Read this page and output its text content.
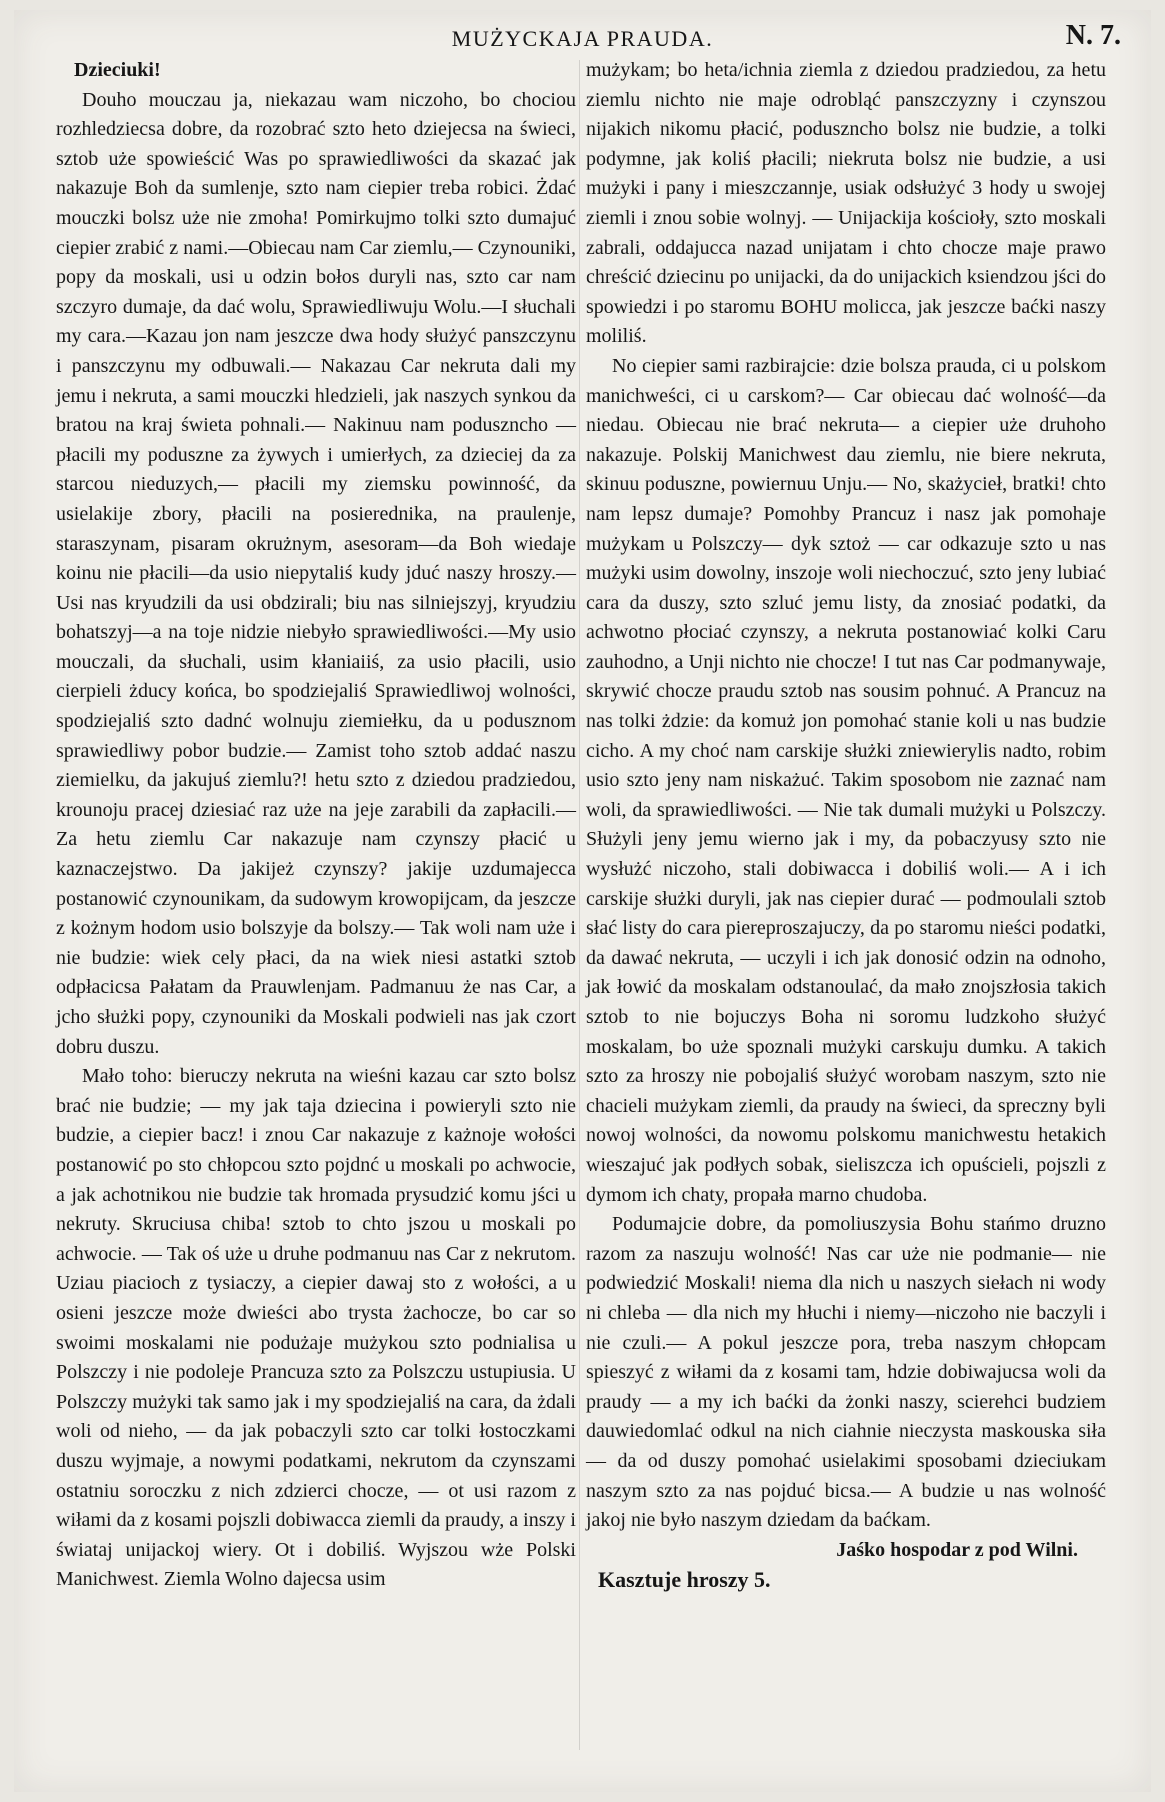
MUŻYCKAJA PRAUDA.	N. 7.

Dzieciuki!

Douho mouczau ja, niekazau wam niczoho, bo chociou rozhledziecsa dobre, da rozobrać szto heto dziejecsa na świeci, sztob uże spowieścić Was po sprawiedliwości da skazać jak nakazuje Boh da sumlenje, szto nam ciepier treba robici. Żdać mouczki bolsz uże nie zmoha! Pomirkujmo tolki szto dumajuć ciepier zrabić z nami.—Obiecau nam Car ziemlu,— Czynouniki, popy da moskali, usi u odzin bołos duryli nas, szto car nam szczyro dumaje, da dać wolu, Sprawiedliwuju Wolu.—I słuchali my cara.—Kazau jon nam jeszcze dwa hody służyć panszczynu i panszczynu my odbuwali.— Nakazau Car nekruta dali my jemu i nekruta, a sami mouczki hledzieli, jak naszych synkou da bratou na kraj świeta pohnali.— Nakinuu nam poduszncho — płacili my poduszne za żywych i umierłych, za dzieciej da za starcou nieduzych,— płacili my ziemsku powinność, da usielakije zbory, płacili na posierednika, na praulenje, staraszynam, pisaram okrużnym, asesoram—da Boh wiedaje koinu nie płacili—da usio niepytaliś kudy jduć naszy hroszy.— Usi nas kryudzili da usi obdzirali; biu nas silniejszyj, kryudziu bohatszyj—a na toje nidzie niebyło sprawiedliwości.—My usio mouczali, da słuchali, usim kłaniaiiś, za usio płacili, usio cierpieli żducy końca, bo spodziejaliś Sprawiedliwoj wolności, spodziejaliś szto dadnć wolnuju ziemiełku, da u podusznom sprawiedliwy pobor budzie.— Zamist toho sztob addać naszu ziemielku, da jakujuś ziemlu?! hetu szto z dziedou pradziedou, krounoju pracej dziesiać raz uże na jeje zarabili da zapłacili.— Za hetu ziemlu Car nakazuje nam czynszy płacić u kaznaczejstwo. Da jakijeż czynszy? jakije uzdumajecca postanowić czynounikam, da sudowym krowopijcam, da jeszcze z kożnym hodom usio bolszyje da bolszy.— Tak woli nam uże i nie budzie: wiek cely płaci, da na wiek niesi astatki sztob odpłacicsa Pałatam da Prauwlenjam. Padmanuu że nas Car, a jcho służki popy, czynouniki da Moskali podwieli nas jak czort dobru duszu.

Mało toho: bieruczy nekruta na wieśni kazau car szto bolsz brać nie budzie; — my jak taja dziecina i powieryli szto nie budzie, a ciepier bacz! i znou Car nakazuje z każnoje wołości postanowić po sto chłopcou szto pojdnć u moskali po achwocie, a jak achotnikou nie budzie tak hromada prysudzić komu jści u nekruty. Skruciusa chiba! sztob to chto jszou u moskali po achwocie. — Tak oś uże u druhe podmanuu nas Car z nekrutom. Uziau piacioch z tysiaczy, a ciepier dawaj sto z wołości, a u osieni jeszcze może dwieści abo trysta żachocze, bo car so swoimi moskalami nie podużaje mużykou szto podnialisa u Polszczy i nie podoleje Pranсuza szto za Polszczu ustupiusia. U Polszczy mużyki tak samo jak i my spodziejaliś na cara, da żdali woli od nieho, — da jak pobaczyli szto car tolki łostoczkami duszu wyjmaje, a nowymi podatkami, nekrutom da czynszami ostatniu soroczku z nich zdzierci chocze, — ot usi razom z wiłami da z kosami pojszli dobiwacca ziemli da praudy, a inszy i świataj unijackoj wiery. Ot i dobiliś. Wyjszou wże Polski Manichwest. Ziemla Wolno dajecsa usim

mużykam; bo heta/ichnia ziemla z dziedou pradziedou, za hetu ziemlu nichto nie maje odrobląć panszczyzny i czynszou nijakich nikomu płacić, poduszncho bolsz nie budzie, a tolki podymne, jak koliś płacili; niekruta bolsz nie budzie, a usi mużyki i pany i mieszczannje, usiak odsłużyć 3 hody u swojej ziemli i znou sobie wolnyj. — Unijackija kościoły, szto moskali zabrali, oddajucca nazad unijatam i chto chocze maje prawo chreścić dziecinu po unijacki, da do unijackich ksiendzou jści do spowiedzi i po staromu BOHU molicca, jak jeszcze baćki naszy moliliś.

No ciepier sami razbirajcie: dzie bolsza prauda, ci u polskom manichweści, ci u carskom?— Car obiecau dać wolność—da niedau. Obiecau nie brać nekruta— a ciepier uże druhoho nakazuje. Polskij Manichwest dau ziemlu, nie biere nekruta, skinuu poduszne, powiernuu Unju.— No, skażycieł, bratki! chto nam lepsz dumaje? Pomohby Pranсuz i nasz jak pomohaje mużykam u Polszczy— dyk sztoż — car odkazuje szto u nas mużyki usim dowolny, inszoje woli niechoczuć, szto jeny lubiać cara da duszy, szto szluć jemu listy, da znosiać podatki, da achwotno płociać czynszy, a nekruta postanowiać kolki Caru zauhodno, a Unji nichto nie chocze! I tut nas Car podmanywaje, skrywić chocze praudu sztob nas sousim pohnuć. A Pranсuz na nas tolki żdzie: da komuż jon pomohać stanie koli u nas budzie cicho. A my choć nam carskije służki zniewierylis nadto, robim usio szto jeny nam niskażuć. Takim sposobom nie zaznać nam woli, da sprawiedliwości. — Nie tak dumali mużyki u Polszczy. Służyli jeny jemu wierno jak i my, da pobaczyusy szto nie wysłużć niczoho, stali dobiwacca i dobiliś woli.— A i ich carskije służki duryli, jak nas ciepier durać — podmoulali sztob słać listy do cara piereproszajuczy, da po staromu nieści podatki, da dawać nekruta, — uczyli i ich jak donosić odzin na odnoho, jak łowić da moskalam odstanoulać, da mało znojszłosia takich sztob to nie bojuczys Boha ni soromu ludzkoho służyć moskalam, bo uże spoznali mużyki carskuju dumku. A takich szto za hroszy nie pobojaliś służyć worobam naszym, szto nie chacieli mużykam ziemli, da praudy na świeci, da spreczny byli nowoj wolności, da nowomu polskomu manichwestu hetakich wieszajuć jak podłych sobak, sieliszcza ich opuścieli, pojszli z dymom ich chaty, propała marno chudoba.

Podumajcie dobre, da pomoliuszysia Bohu stańmo druzno razom za naszuju wolność! Nas car uże nie podmanie— nie podwiedzić Moskali! niema dla nich u naszych siełach ni wody ni chleba — dla nich my hłuchi i niemy—niczoho nie baczyli i nie czuli.— A pokul jeszcze pora, treba naszym chłopcam spieszyć z wiłami da z kosami tam, hdzie dobiwajucsa woli da praudy — a my ich baćki da żonki naszy, scierehci budziem dauwiedomlać odkul na nich ciahnie nieczysta maskouska siła — da od duszy pomohać usielakimi sposobami dzieciukam naszym szto za nas pojduć bicsa.— A budzie u nas wolność jakoj nie było naszym dziedam da baćkam.

Jaśko hospodar z pod Wilni.

Kasztuje hroszy 5.
